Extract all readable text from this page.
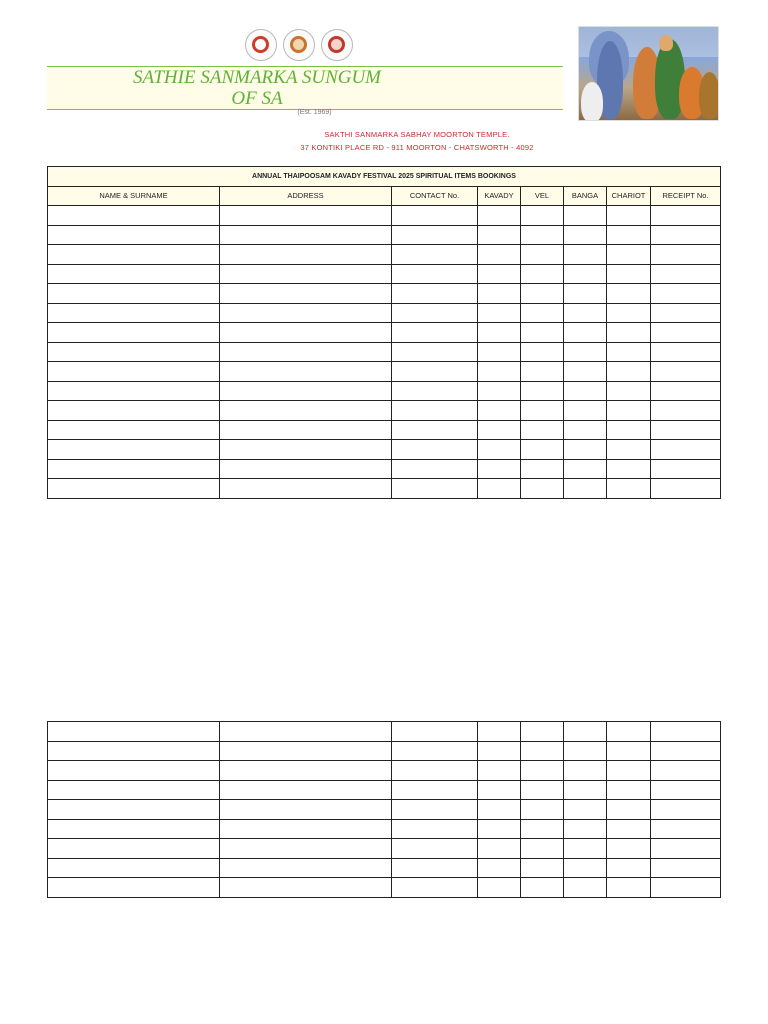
SATHIE SANMARKA SUNGUM
OF SA
(Est. 1969)
SAKTHI SANMARKA SABHAY MOORTON TEMPLE.
37 KONTIKI PLACE RD - 911 MOORTON - CHATSWORTH - 4092
ANNUAL THAIPOOSAM KAVADY FESTIVAL 2025 SPIRITUAL ITEMS BOOKINGS							
NAME & SURNAME	ADDRESS	CONTACT No.	KAVADY	VEL	BANGA	CHARIOT	RECEIPT No.
